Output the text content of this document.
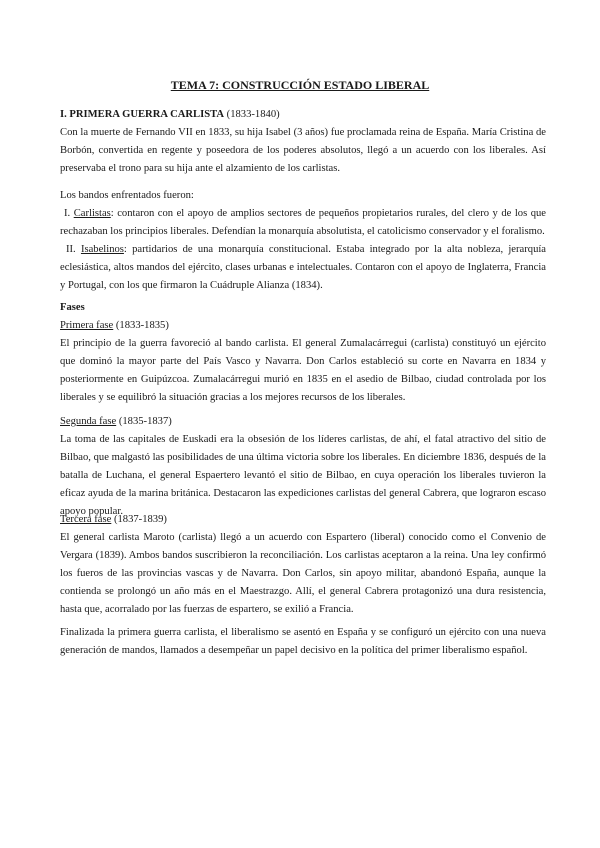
TEMA 7: CONSTRUCCIÓN ESTADO LIBERAL

I. PRIMERA GUERRA CARLISTA (1833-1840)

Con la muerte de Fernando VII en 1833, su hija Isabel (3 años) fue proclamada reina de España. María Cristina de Borbón, convertida en regente y poseedora de los poderes absolutos, llegó a un acuerdo con los liberales. Así preservaba el trono para su hija ante el alzamiento de los carlistas.

Los bandos enfrentados fueron:

I. Carlistas: contaron con el apoyo de amplios sectores de pequeños propietarios rurales, del clero y de los que rechazaban los principios liberales. Defendían la monarquía absolutista, el catolicismo conservador y el foralismo.

II. Isabelinos: partidarios de una monarquía constitucional. Estaba integrado por la alta nobleza, jerarquía eclesiástica, altos mandos del ejército, clases urbanas e intelectuales. Contaron con el apoyo de Inglaterra, Francia y Portugal, con los que firmaron la Cuádruple Alianza (1834).

Fases

Primera fase (1833-1835)

El principio de la guerra favoreció al bando carlista. El general Zumalacárregui (carlista) constituyó un ejército que dominó la mayor parte del País Vasco y Navarra. Don Carlos estableció su corte en Navarra en 1834 y posteriormente en Guipúzcoa. Zumalacárregui murió en 1835 en el asedio de Bilbao, ciudad controlada por los liberales y se equilibró la situación gracias a los mejores recursos de los liberales.

Segunda fase (1835-1837)

La toma de las capitales de Euskadi era la obsesión de los líderes carlistas, de ahí, el fatal atractivo del sitio de Bilbao, que malgastó las posibilidades de una última victoria sobre los liberales. En diciembre 1836, después de la batalla de Luchana, el general Espaertero levantó el sitio de Bilbao, en cuya operación los liberales tuvieron la eficaz ayuda de la marina británica. Destacaron las expediciones carlistas del general Cabrera, que lograron escaso apoyo popular.

Tercera fase (1837-1839)

El general carlista Maroto (carlista) llegó a un acuerdo con Espartero (liberal) conocido como el Convenio de Vergara (1839). Ambos bandos suscribieron la reconciliación. Los carlistas aceptaron a la reina. Una ley confirmó los fueros de las provincias vascas y de Navarra. Don Carlos, sin apoyo militar, abandonó España, aunque la contienda se prolongó un año más en el Maestrazgo. Allí, el general Cabrera protagonizó una dura resistencia, hasta que, acorralado por las fuerzas de espartero, se exilió a Francia.

Finalizada la primera guerra carlista, el liberalismo se asentó en España y se configuró un ejército con una nueva generación de mandos, llamados a desempeñar un papel decisivo en la política del primer liberalismo español.
